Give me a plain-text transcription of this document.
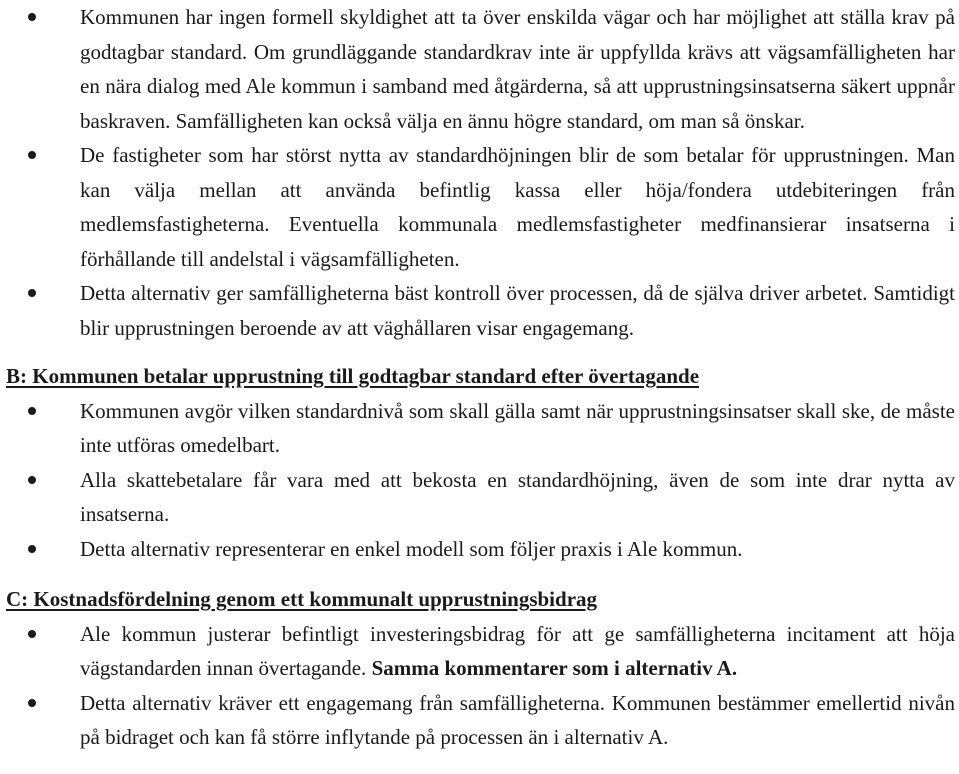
Kommunen har ingen formell skyldighet att ta över enskilda vägar och har möjlighet att ställa krav på godtagbar standard. Om grundläggande standardkrav inte är uppfyllda krävs att vägsamfälligheten har en nära dialog med Ale kommun i samband med åtgärderna, så att upprustningsinsatserna säkert uppnår baskraven. Samfälligheten kan också välja en ännu högre standard, om man så önskar.
De fastigheter som har störst nytta av standardhöjningen blir de som betalar för upprustningen. Man kan välja mellan att använda befintlig kassa eller höja/fondera utdebiteringen från medlemsfastigheterna. Eventuella kommunala medlemsfastigheter medfinansierar insatserna i förhållande till andelstal i vägsamfälligheten.
Detta alternativ ger samfälligheterna bäst kontroll över processen, då de själva driver arbetet. Samtidigt blir upprustningen beroende av att väghållaren visar engagemang.
B: Kommunen betalar upprustning till godtagbar standard efter övertagande
Kommunen avgör vilken standardnivå som skall gälla samt när upprustningsinsatser skall ske, de måste inte utföras omedelbart.
Alla skattebetalare får vara med att bekosta en standardhöjning, även de som inte drar nytta av insatserna.
Detta alternativ representerar en enkel modell som följer praxis i Ale kommun.
C: Kostnadsfördelning genom ett kommunalt upprustningsbidrag
Ale kommun justerar befintligt investeringsbidrag för att ge samfälligheterna incitament att höja vägstandarden innan övertagande. Samma kommentarer som i alternativ A.
Detta alternativ kräver ett engagemang från samfälligheterna. Kommunen bestämmer emellertid nivån på bidraget och kan få större inflytande på processen än i alternativ A.
